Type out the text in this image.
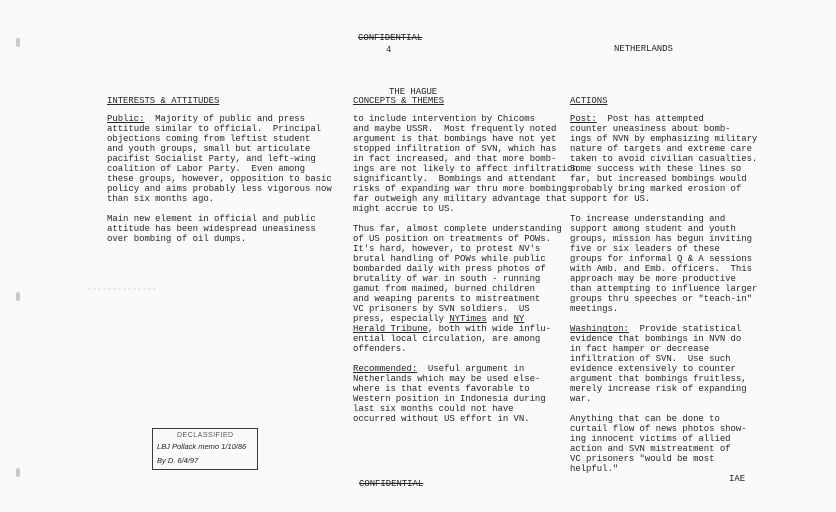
CONFIDENTIAL
4	NETHERLANDS
INTERESTS & ATTITUDES
THE HAGUE
CONCEPTS & THEMES	ACTIONS
Public:  Majority of public and press
attitude similar to official.  Principal
objections coming from leftist student
and youth groups, small but articulate
pacifist Socialist Party, and left-wing
coalition of Labor Party.  Even among
these groups, however, opposition to basic
policy and aims probably less vigorous now
than six months ago.
Main new element in official and public
attitude has been widespread uneasiness
over bombing of oil dumps.
to include intervention by Chicoms
and maybe USSR.  Most frequently noted
argument is that bombings have not yet
stopped infiltration of SVN, which has
in fact increased, and that more bomb-
ings are not likely to affect infiltration
significantly.  Bombings and attendant
risks of expanding war thru more bombings
far outweigh any military advantage that
might accrue to US.
Thus far, almost complete understanding
of US position on treatments of POWs.
It's hard, however, to protest NV's
brutal handling of POWs while public
bombarded daily with press photos of
brutality of war in south - running
gamut from maimed, burned children
and weaping parents to mistreatment
VC prisoners by SVN soldiers.  US
press, especially NYTimes and NY
Herald Tribune, both with wide influ-
ential local circulation, are among
offenders.
Recommended:  Useful argument in
Netherlands which may be used else-
where is that events favorable to
Western position in Indonesia during
last six months could not have
occurred without US effort in VN.
Post:  Post has attempted
counter uneasiness about bomb-
ings of NVN by emphasizing military
nature of targets and extreme care
taken to avoid civilian casualties.
Some success with these lines so
far, but increased bombings would
probably bring marked erosion of
support for US.
To increase understanding and
support among student and youth
groups, mission has begun inviting
five or six leaders of these
groups for informal Q & A sessions
with Amb. and Emb. officers.  This
approach may be more productive
than attempting to influence larger
groups thru speeches or "teach-in"
meetings.
Washington:  Provide statistical
evidence that bombings in NVN do
in fact hamper or decrease
infiltration of SVN.  Use such
evidence extensively to counter
argument that bombings fruitless,
merely increase risk of expanding
war.
Anything that can be done to
curtail flow of news photos show-
ing innocent victims of allied
action and SVN mistreatment of
VC prisoners "would be most
helpful."
IAE
DECLASSIFIED
LBJ Pollack memo 1/10/86
By D. 6/4/97
CONFIDENTIAL
